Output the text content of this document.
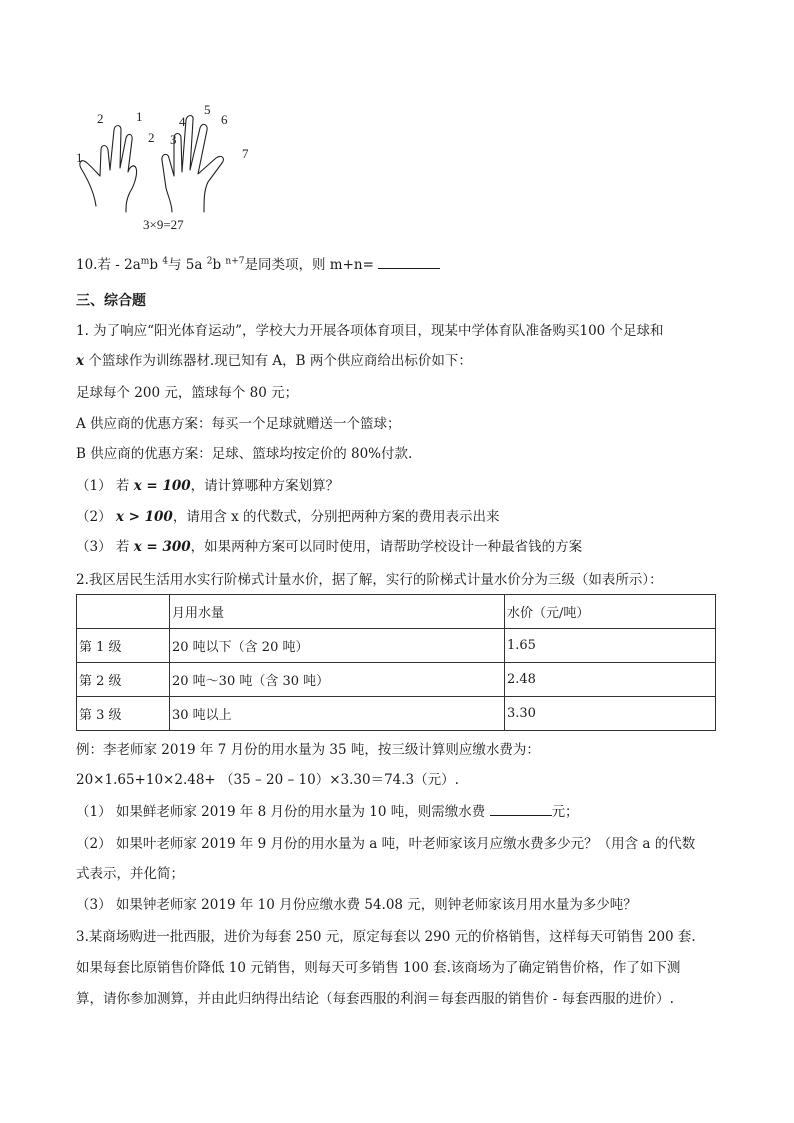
1
2	1
2 3
4
5
6
7
3×9=27
10.若 - $2a^mb$ $^4$与 5a $^2$b $^{n+7}$是同类项，则 m+n=
三、综合题
1. 为了响应“阳光体育运动”，学校大力开展各项体育项目，现某中学体育队准备购买100 个足球和
x 个篮球作为训练器材.现已知有 A，B 两个供应商给出标价如下：
足球每个 200 元，篮球每个 80 元；
A 供应商的优惠方案：每买一个足球就赠送一个篮球；
B 供应商的优惠方案：足球、篮球均按定价的 80%付款.
（1） 若 x = 100，请计算哪种方案划算？
（2） x > 100，请用含 x 的代数式，分别把两种方案的费用表示出来
（3） 若 x = 300，如果两种方案可以同时使用，请帮助学校设计一种最省钱的方案
2.我区居民生活用水实行阶梯式计量水价，据了解，实行的阶梯式计量水价分为三级（如表所示）：
	月用水量	水价（元/吨）
第 1 级	20 吨以下（含 20 吨）	1.65
第 2 级	20 吨～30 吨（含 30 吨）	2.48
第 3 级	30 吨以上	3.30
例：李老师家 2019 年 7 月份的用水量为 35 吨，按三级计算则应缴水费为：
20×1.65+10×2.48+ （35 – 20 – 10）×3.30＝74.3（元）.
（1） 如果鲜老师家 2019 年 8 月份的用水量为 10 吨，则需缴水费	元；
（2） 如果叶老师家 2019 年 9 月份的用水量为 a 吨，叶老师家该月应缴水费多少元？（用含 a 的代数
式表示，并化简；
（3） 如果钟老师家 2019 年 10 月份应缴水费 54.08 元，则钟老师家该月用水量为多少吨？
3.某商场购进一批西服，进价为每套 250 元，原定每套以 290 元的价格销售，这样每天可销售 200 套.
如果每套比原销售价降低 10 元销售，则每天可多销售 100 套.该商场为了确定销售价格，作了如下测
算，请你参加测算，并由此归纳得出结论（每套西服的利润＝每套西服的销售价 - 每套西服的进价）.
